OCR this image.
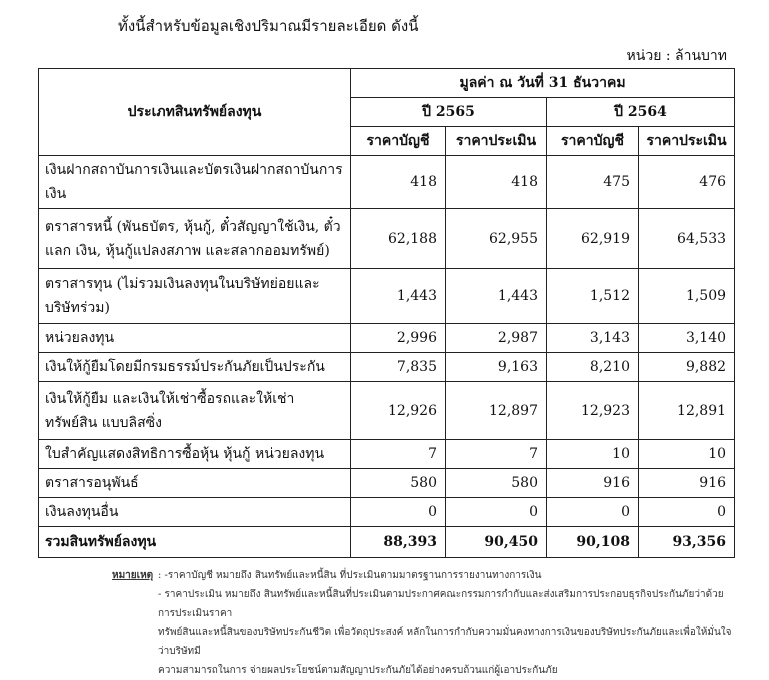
ทั้งนี้สำหรับข้อมูลเชิงปริมาณมีรายละเอียด ดังนี้
หน่วย : ล้านบาท
ประเภทสินทรัพย์ลงทุน	มูลค่า ณ วันที่ 31 ธันวาคม			
	ปี 2565		ปี 2564	
	ราคาบัญชี	ราคาประเมิน	ราคาบัญชี	ราคาประเมิน
เงินฝากสถาบันการเงินและบัตรเงินฝากสถาบันการเงิน	418	418	475	476
ตราสารหนี้ (พันธบัตร, หุ้นกู้, ตั๋วสัญญาใช้เงิน, ตั๋วแลก เงิน, หุ้นกู้แปลงสภาพ และสลากออมทรัพย์)	62,188	62,955	62,919	64,533
ตราสารทุน (ไม่รวมเงินลงทุนในบริษัทย่อยและบริษัทร่วม)	1,443	1,443	1,512	1,509
หน่วยลงทุน	2,996	2,987	3,143	3,140
เงินให้กู้ยืมโดยมีกรมธรรม์ประกันภัยเป็นประกัน	7,835	9,163	8,210	9,882
เงินให้กู้ยืม และเงินให้เช่าซื้อรถและให้เช่าทรัพย์สิน แบบลิสซิ่ง	12,926	12,897	12,923	12,891
ใบสำคัญแสดงสิทธิการซื้อหุ้น หุ้นกู้ หน่วยลงทุน	7	7	10	10
ตราสารอนุพันธ์	580	580	916	916
เงินลงทุนอื่น	0	0	0	0
รวมสินทรัพย์ลงทุน	88,393	90,450	90,108	93,356
หมายเหตุ : -ราคาบัญชี หมายถึง สินทรัพย์และหนี้สิน ที่ประเมินตามมาตรฐานการรายงานทางการเงิน
- ราคาประเมิน หมายถึง สินทรัพย์และหนี้สินที่ประเมินตามประกาศคณะกรรมการกำกับและส่งเสริมการประกอบธุรกิจประกันภัยว่าด้วยการประเมินราคา
ทรัพย์สินและหนี้สินของบริษัทประกันชีวิต เพื่อวัตถุประสงค์ หลักในการกำกับความมั่นคงทางการเงินของบริษัทประกันภัยและเพื่อให้มั่นใจว่าบริษัทมี
ความสามารถในการ จ่ายผลประโยชน์ตามสัญญาประกันภัยได้อย่างครบถ้วนแก่ผู้เอาประกันภัย
